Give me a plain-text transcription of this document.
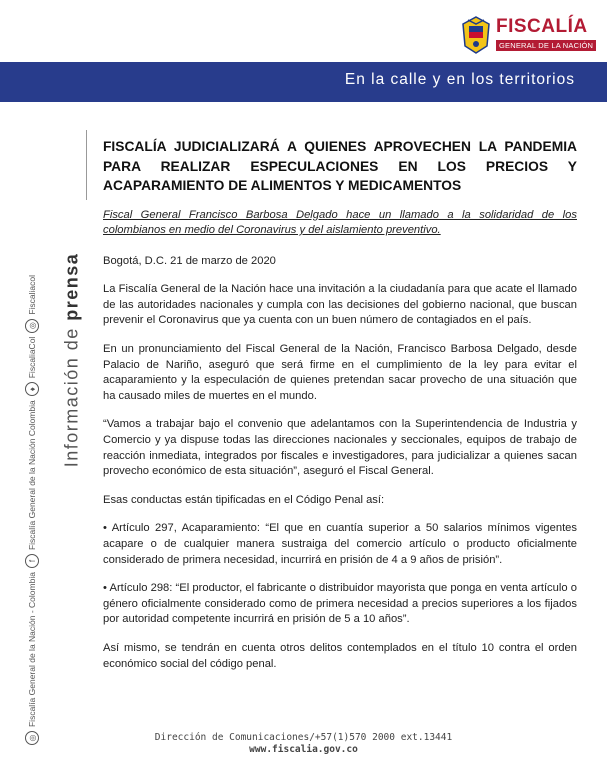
FISCALÍA
GENERAL DE LA NACIÓN
En la calle y en los territorios
◎
Fiscalía General de la Nación - Colombia
f
Fiscalía General de la Nación Colombia
♦
FiscaliaCol
◎
Fiscaliacol
Información de prensa
FISCALÍA JUDICIALIZARÁ A QUIENES APROVECHEN LA PANDEMIA PARA REALIZAR ESPECULACIONES EN LOS PRECIOS Y ACAPARAMIENTO DE ALIMENTOS Y MEDICAMENTOS

Fiscal General Francisco Barbosa Delgado hace un llamado a la solidaridad de los colombianos en medio del Coronavirus y del aislamiento preventivo.

Bogotá, D.C. 21 de marzo de 2020

La Fiscalía General de la Nación hace una invitación a la ciudadanía para que acate el llamado de las autoridades nacionales y cumpla con las decisiones del gobierno nacional, que buscan prevenir el Coronavirus que ya cuenta con un buen número de contagiados en el país.

En un pronunciamiento del Fiscal General de la Nación, Francisco Barbosa Delgado, desde Palacio de Nariño, aseguró que será firme en el cumplimiento de la ley para evitar el acaparamiento y la especulación de quienes pretendan sacar provecho de una situación que ha causado miles de muertes en el mundo.

“Vamos a trabajar bajo el convenio que adelantamos con la Superintendencia de Industria y Comercio y ya dispuse todas las direcciones nacionales y seccionales, equipos de trabajo de reacción inmediata, integrados por fiscales e investigadores, para judicializar a quienes sacan provecho económico de esta situación”, aseguró el Fiscal General.

Esas conductas están tipificadas en el Código Penal así:

• Artículo 297, Acaparamiento: “El que en cuantía superior a 50 salarios mínimos vigentes acapare o de cualquier manera sustraiga del comercio artículo o producto oficialmente considerado de primera necesidad, incurrirá en prisión de 4 a 9 años de prisión”.

• Artículo 298: “El productor, el fabricante o distribuidor mayorista que ponga en venta artículo o género oficialmente considerado como de primera necesidad a precios superiores a los fijados por autoridad competente incurrirá en prisión de 5 a 10 años”.

Así mismo, se tendrán en cuenta otros delitos contemplados en el título 10 contra el orden económico social del código penal.

Dirección de Comunicaciones/+57(1)570 2000 ext.13441
www.fiscalia.gov.co
